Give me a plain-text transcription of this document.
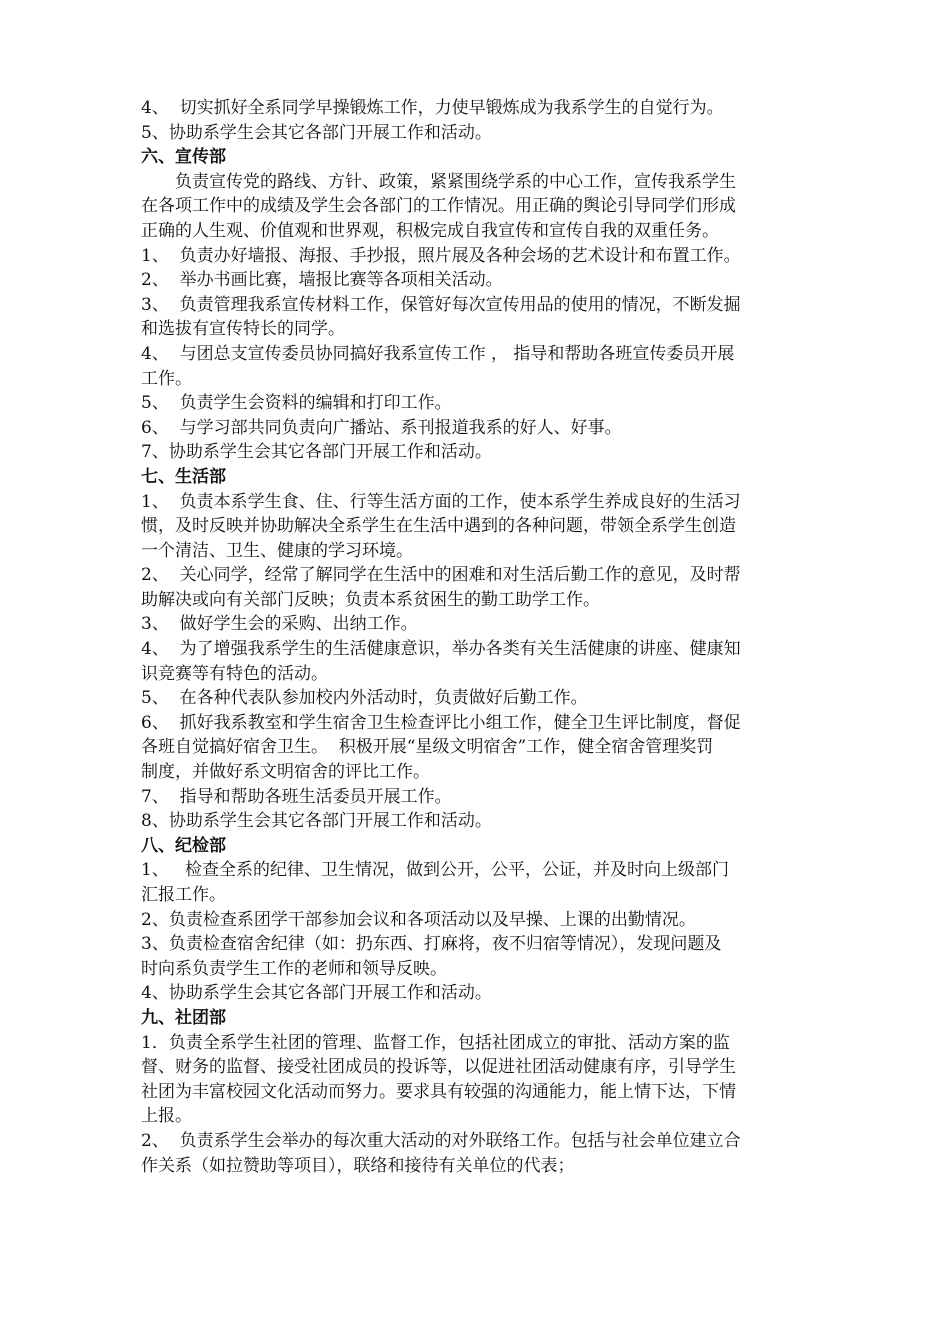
4、  切实抓好全系同学早操锻炼工作，力使早锻炼成为我系学生的自觉行为。
5、协助系学生会其它各部门开展工作和活动。
六、宣传部
负责宣传党的路线、方针、政策，紧紧围绕学系的中心工作，宣传我系学生
在各项工作中的成绩及学生会各部门的工作情况。用正确的舆论引导同学们形成
正确的人生观、价值观和世界观，积极完成自我宣传和宣传自我的双重任务。
1、  负责办好墙报、海报、手抄报，照片展及各种会场的艺术设计和布置工作。
2、  举办书画比赛，墙报比赛等各项相关活动。
3、  负责管理我系宣传材料工作，保管好每次宣传用品的使用的情况，不断发掘
和选拔有宣传特长的同学。
4、  与团总支宣传委员协同搞好我系宣传工作 ， 指导和帮助各班宣传委员开展
工作。
5、  负责学生会资料的编辑和打印工作。
6、  与学习部共同负责向广播站、系刊报道我系的好人、好事。
7、协助系学生会其它各部门开展工作和活动。
七、生活部
1、  负责本系学生食、住、行等生活方面的工作，使本系学生养成良好的生活习
惯，及时反映并协助解决全系学生在生活中遇到的各种问题，带领全系学生创造
一个清洁、卫生、健康的学习环境。
2、  关心同学，经常了解同学在生活中的困难和对生活后勤工作的意见，及时帮
助解决或向有关部门反映；负责本系贫困生的勤工助学工作。
3、  做好学生会的采购、出纳工作。
4、  为了增强我系学生的生活健康意识，举办各类有关生活健康的讲座、健康知
识竞赛等有特色的活动。
5、  在各种代表队参加校内外活动时，负责做好后勤工作。
6、  抓好我系教室和学生宿舍卫生检查评比小组工作，健全卫生评比制度，督促
各班自觉搞好宿舍卫生。  积极开展“星级文明宿舍”工作，健全宿舍管理奖罚
制度，并做好系文明宿舍的评比工作。
7、  指导和帮助各班生活委员开展工作。
8、协助系学生会其它各部门开展工作和活动。
八、纪检部
1、   检查全系的纪律、卫生情况，做到公开，公平，公证，并及时向上级部门
汇报工作。
2、负责检查系团学干部参加会议和各项活动以及早操、上课的出勤情况。
3、负责检查宿舍纪律（如：扔东西、打麻将，夜不归宿等情况），发现问题及
时向系负责学生工作的老师和领导反映。
4、协助系学生会其它各部门开展工作和活动。
九、社团部
1．负责全系学生社团的管理、监督工作，包括社团成立的审批、活动方案的监
督、财务的监督、接受社团成员的投诉等，以促进社团活动健康有序，引导学生
社团为丰富校园文化活动而努力。要求具有较强的沟通能力，能上情下达，下情
上报。
2、  负责系学生会举办的每次重大活动的对外联络工作。包括与社会单位建立合
作关系（如拉赞助等项目），联络和接待有关单位的代表；
